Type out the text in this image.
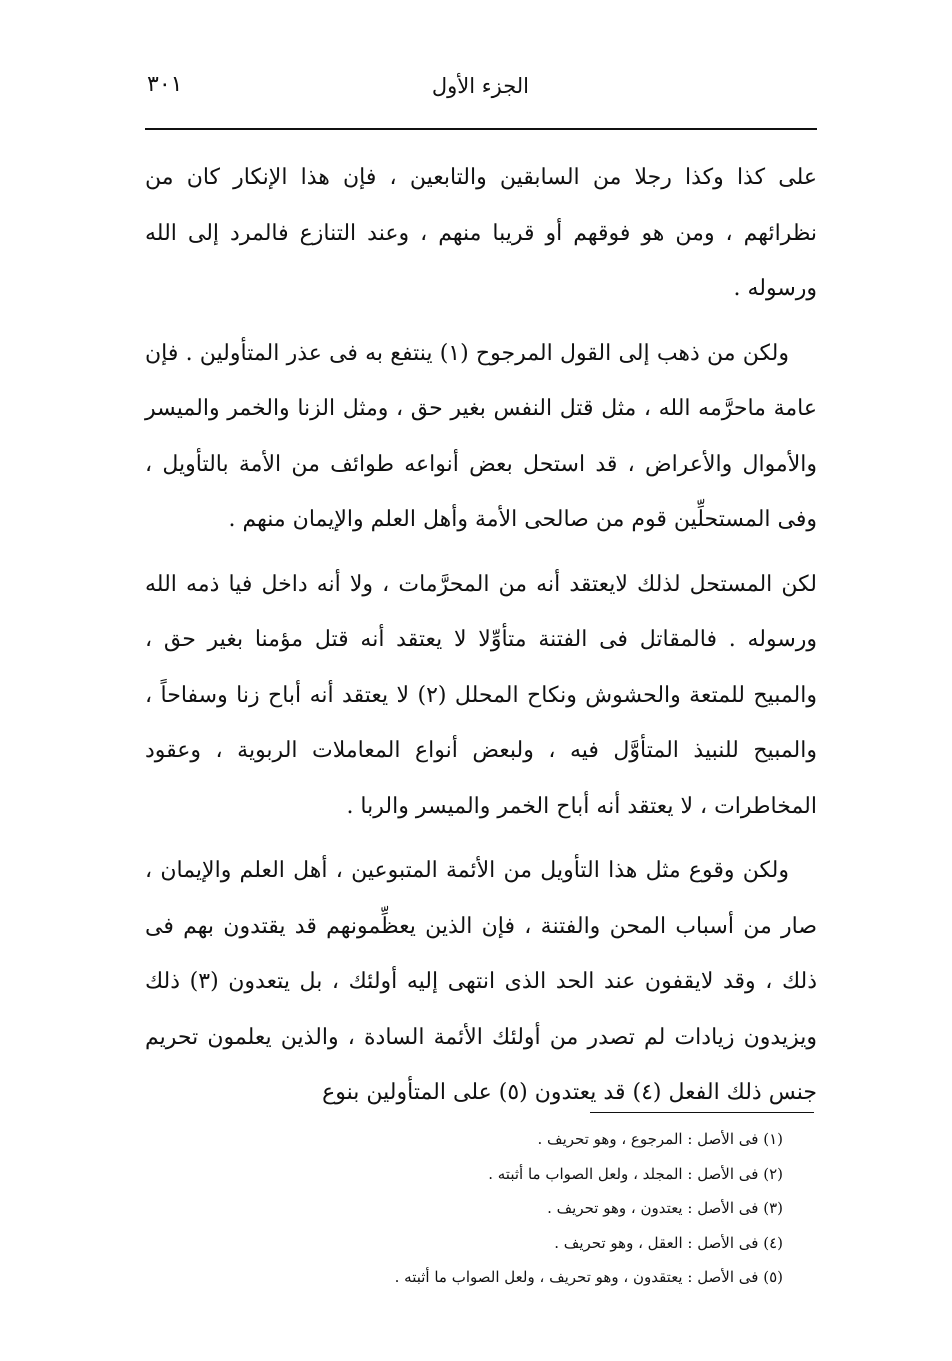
الجزء الأول
٣٠١

على كذا وكذا رجلا من السابقين والتابعين ، فإن هذا الإنكار كان من نظرائهم ، ومن هو فوقهم أو قريبا منهم ، وعند التنازع فالمرد إلى الله ورسوله .

ولكن من ذهب إلى القول المرجوح (١) ينتفع به فى عذر المتأولين . فإن عامة ماحرَّمه الله ، مثل قتل النفس بغير حق ، ومثل الزنا والخمر والميسر والأموال والأعراض ، قد استحل بعض أنواعه طوائف من الأمة بالتأويل ، وفى المستحلِّين قوم من صالحى الأمة وأهل العلم والإيمان منهم .

لكن المستحل لذلك لايعتقد أنه من المحرَّمات ، ولا أنه داخل فيا ذمه الله ورسوله . فالمقاتل فى الفتنة متأوِّلا لا يعتقد أنه قتل مؤمنا بغير حق ، والمبيح للمتعة والحشوش ونكاح المحلل (٢) لا يعتقد أنه أباح زنا وسفاحاً ، والمبيح للنبيذ المتأوَّل فيه ، ولبعض أنواع المعاملات الربوية ، وعقود المخاطرات ، لا يعتقد أنه أباح الخمر والميسر والربا .

ولكن وقوع مثل هذا التأويل من الأئمة المتبوعين ، أهل العلم والإيمان ، صار من أسباب المحن والفتنة ، فإن الذين يعظِّمونهم قد يقتدون بهم فى ذلك ، وقد لايقفون عند الحد الذى انتهى إليه أولئك ، بل يتعدون (٣) ذلك ويزيدون زيادات لم تصدر من أولئك الأئمة السادة ، والذين يعلمون تحريم جنس ذلك الفعل (٤) قد يعتدون (٥) على المتأولين بنوع

(١) فى الأصل : المرجوع ، وهو تحريف .
(٢) فى الأصل : المجلد ، ولعل الصواب ما أثبته .
(٣) فى الأصل : يعتدون ، وهو تحريف .
(٤) فى الأصل : العقل ، وهو تحريف .
(٥) فى الأصل : يعتقدون ، وهو تحريف ، ولعل الصواب ما أثبته .
